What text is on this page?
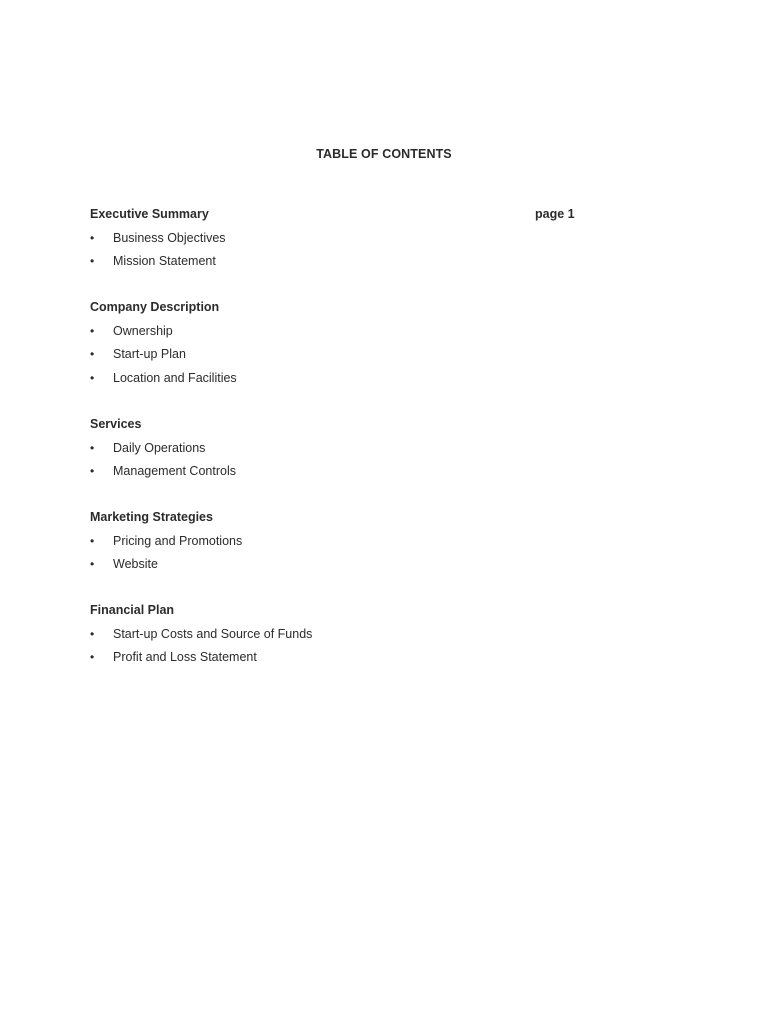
TABLE OF CONTENTS
Executive Summary	page 1
• Business Objectives
• Mission Statement
Company Description
• Ownership
• Start-up Plan
• Location and Facilities
Services
• Daily Operations
• Management Controls
Marketing Strategies
• Pricing and Promotions
• Website
Financial Plan
• Start-up Costs and Source of Funds
• Profit and Loss Statement
